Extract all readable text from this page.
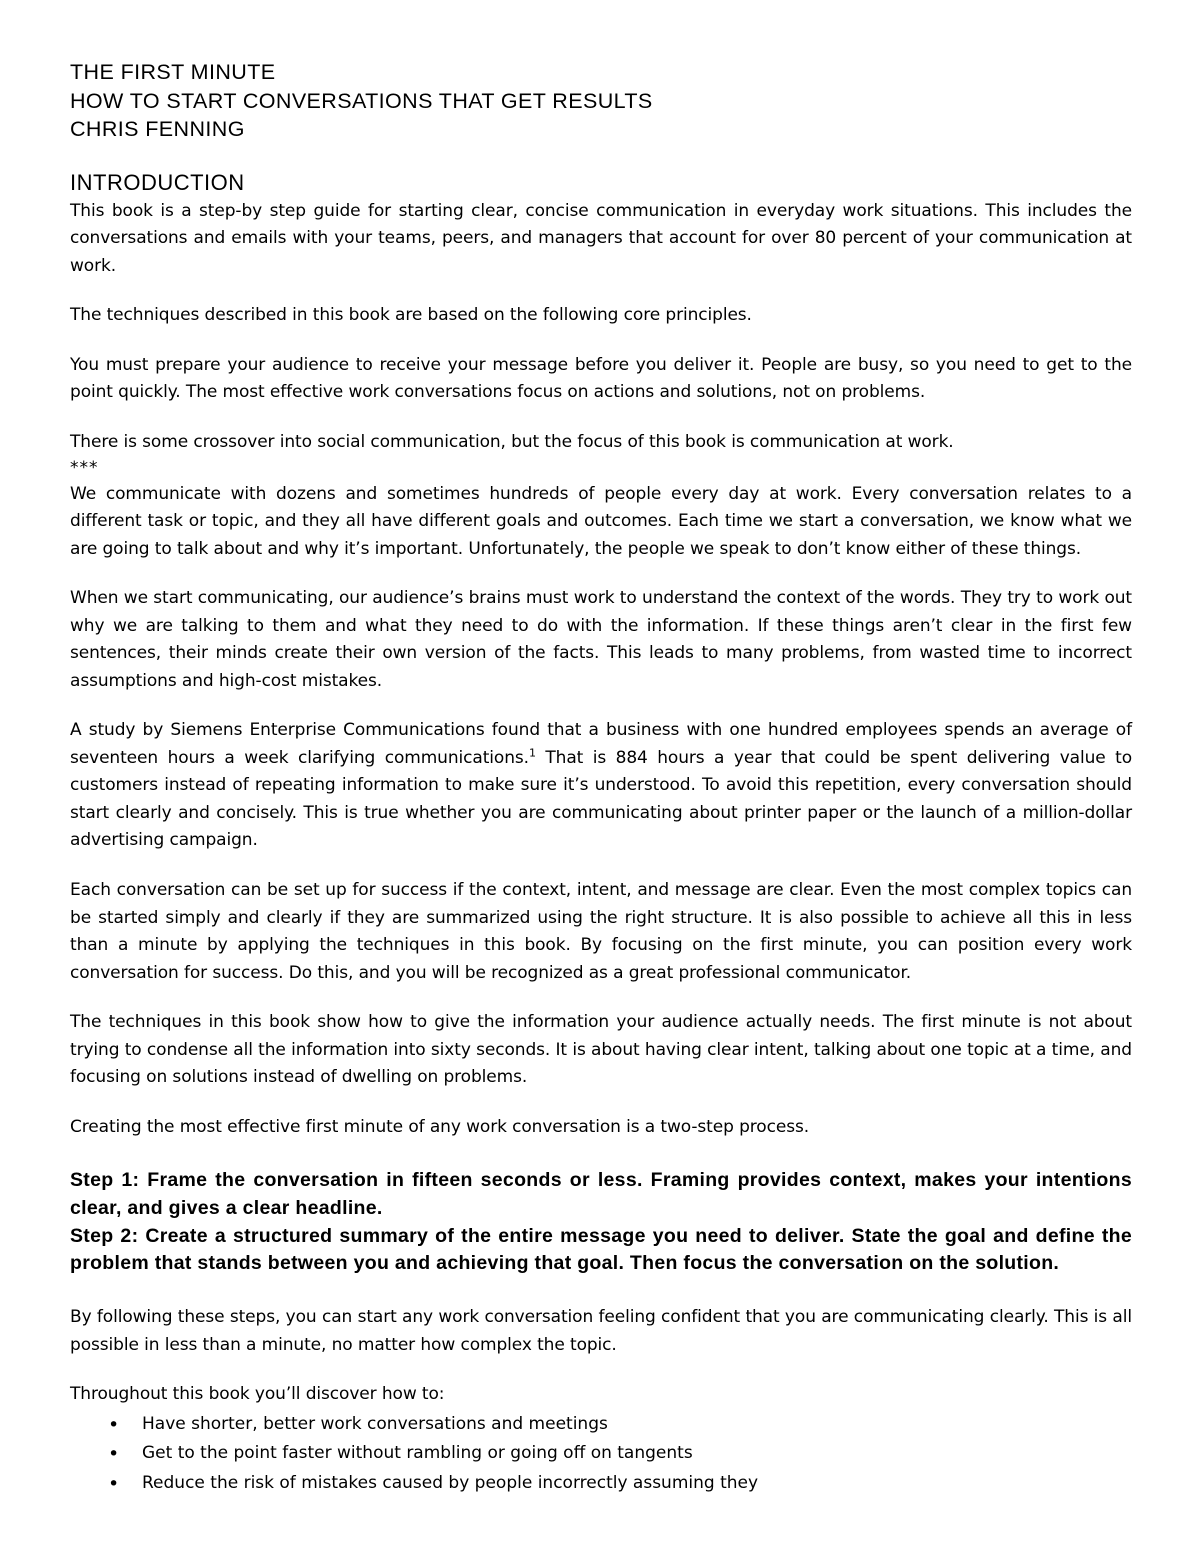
THE FIRST MINUTE
HOW TO START CONVERSATIONS THAT GET RESULTS
CHRIS FENNING
INTRODUCTION

This book is a step-by step guide for starting clear, concise communication in everyday work situations. This includes the conversations and emails with your teams, peers, and managers that account for over 80 percent of your communication at work.

The techniques described in this book are based on the following core principles.

You must prepare your audience to receive your message before you deliver it. People are busy, so you need to get to the point quickly. The most effective work conversations focus on actions and solutions, not on problems.

There is some crossover into social communication, but the focus of this book is communication at work.

***

We communicate with dozens and sometimes hundreds of people every day at work. Every conversation relates to a different task or topic, and they all have different goals and outcomes. Each time we start a conversation, we know what we are going to talk about and why it’s important. Unfortunately, the people we speak to don’t know either of these things.

When we start communicating, our audience’s brains must work to understand the context of the words. They try to work out why we are talking to them and what they need to do with the information. If these things aren’t clear in the first few sentences, their minds create their own version of the facts. This leads to many problems, from wasted time to incorrect assumptions and high-cost mistakes.

A study by Siemens Enterprise Communications found that a business with one hundred employees spends an average of seventeen hours a week clarifying communications.$^1$ That is 884 hours a year that could be spent delivering value to customers instead of repeating information to make sure it’s understood. To avoid this repetition, every conversation should start clearly and concisely. This is true whether you are communicating about printer paper or the launch of a million-dollar advertising campaign.

Each conversation can be set up for success if the context, intent, and message are clear. Even the most complex topics can be started simply and clearly if they are summarized using the right structure. It is also possible to achieve all this in less than a minute by applying the techniques in this book. By focusing on the first minute, you can position every work conversation for success. Do this, and you will be recognized as a great professional communicator.

The techniques in this book show how to give the information your audience actually needs. The first minute is not about trying to condense all the information into sixty seconds. It is about having clear intent, talking about one topic at a time, and focusing on solutions instead of dwelling on problems.

Creating the most effective first minute of any work conversation is a two-step process.

Step 1: Frame the conversation in fifteen seconds or less. Framing provides context, makes your intentions clear, and gives a clear headline.

Step 2: Create a structured summary of the entire message you need to deliver. State the goal and define the problem that stands between you and achieving that goal. Then focus the conversation on the solution.

By following these steps, you can start any work conversation feeling confident that you are communicating clearly. This is all possible in less than a minute, no matter how complex the topic.

Throughout this book you’ll discover how to:

• Have shorter, better work conversations and meetings
• Get to the point faster without rambling or going off on tangents
• Reduce the risk of mistakes caused by people incorrectly assuming they
